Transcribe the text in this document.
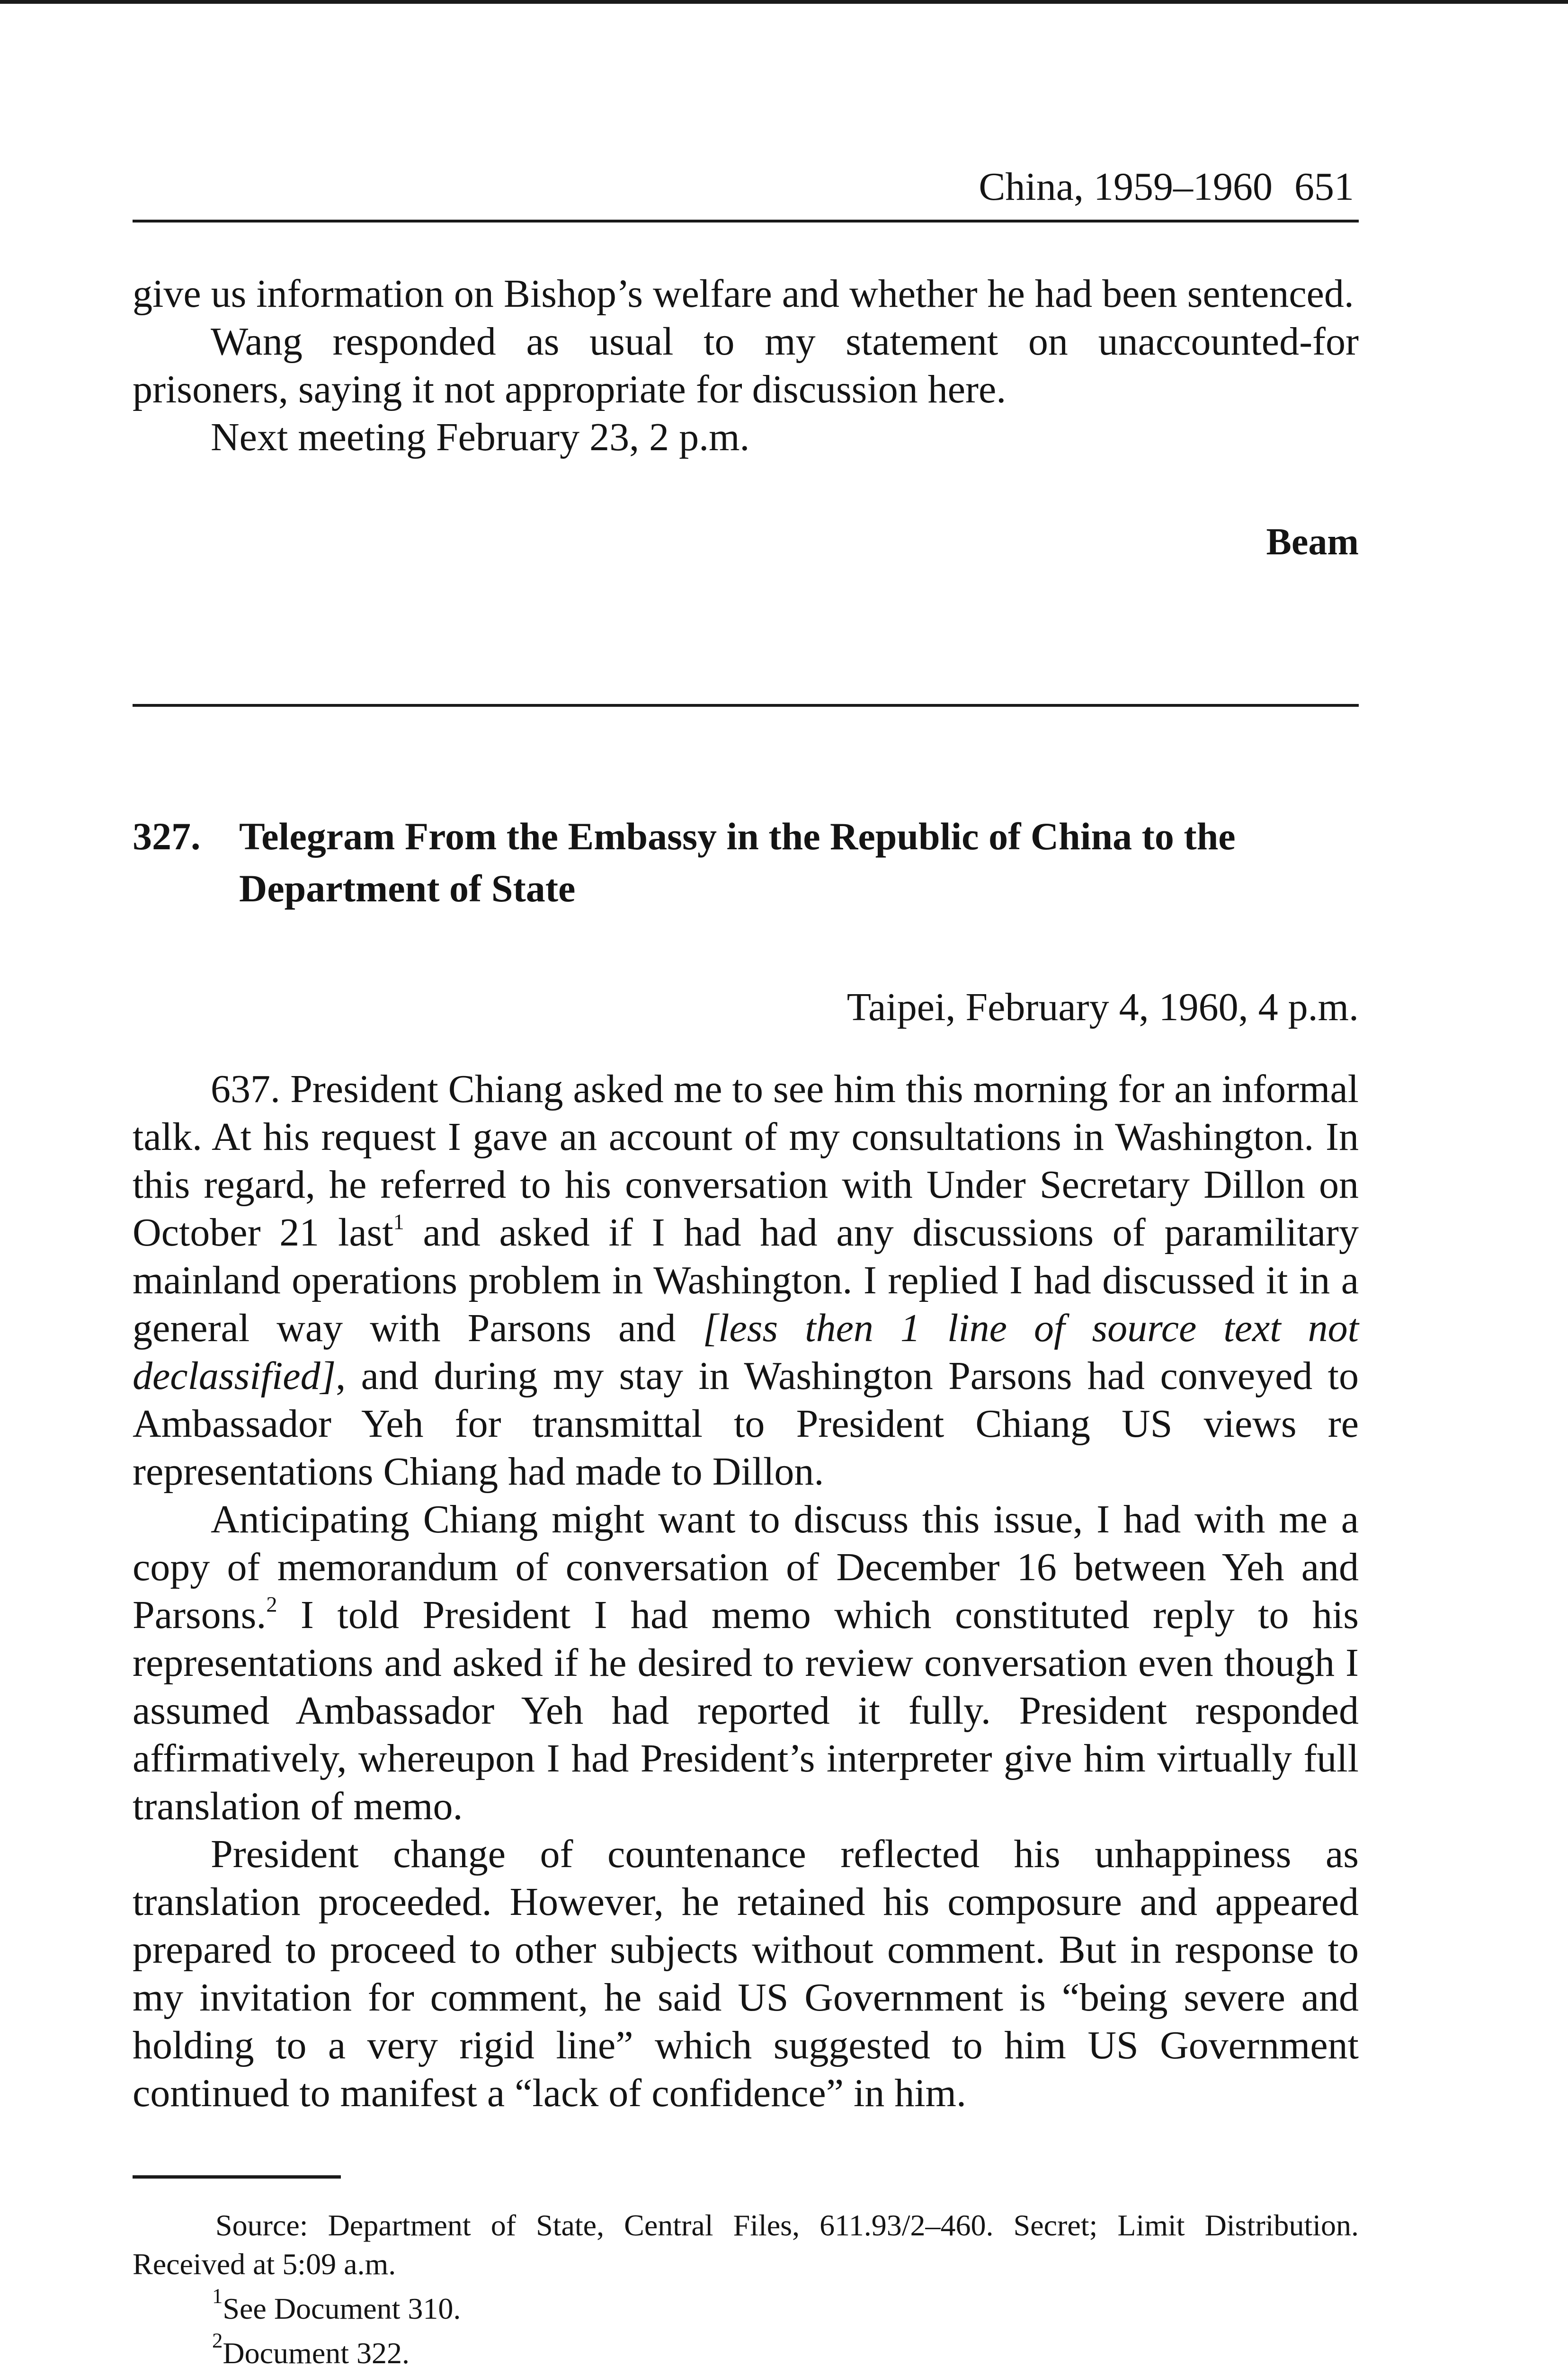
China, 1959–1960 651

give us information on Bishop’s welfare and whether he had been sentenced.

Wang responded as usual to my statement on unaccounted-for prisoners, saying it not appropriate for discussion here.

Next meeting February 23, 2 p.m.

Beam
327. Telegram From the Embassy in the Republic of China to the Department of State
Taipei, February 4, 1960, 4 p.m.

637. President Chiang asked me to see him this morning for an informal talk. At his request I gave an account of my consultations in Washington. In this regard, he referred to his conversation with Under Secretary Dillon on October 21 last$^1$ and asked if I had had any discussions of paramilitary mainland operations problem in Washington. I replied I had discussed it in a general way with Parsons and [less then 1 line of source text not declassified], and during my stay in Washington Parsons had conveyed to Ambassador Yeh for transmittal to President Chiang US views re representations Chiang had made to Dillon.

Anticipating Chiang might want to discuss this issue, I had with me a copy of memorandum of conversation of December 16 between Yeh and Parsons.$^2$ I told President I had memo which constituted reply to his representations and asked if he desired to review conversation even though I assumed Ambassador Yeh had reported it fully. President responded affirmatively, whereupon I had President’s interpreter give him virtually full translation of memo.

President change of countenance reflected his unhappiness as translation proceeded. However, he retained his composure and appeared prepared to proceed to other subjects without comment. But in response to my invitation for comment, he said US Government is “being severe and holding to a very rigid line” which suggested to him US Government continued to manifest a “lack of confidence” in him.

Source: Department of State, Central Files, 611.93/2–460. Secret; Limit Distribution. Received at 5:09 a.m.

$^1$See Document 310.

$^2$Document 322.
